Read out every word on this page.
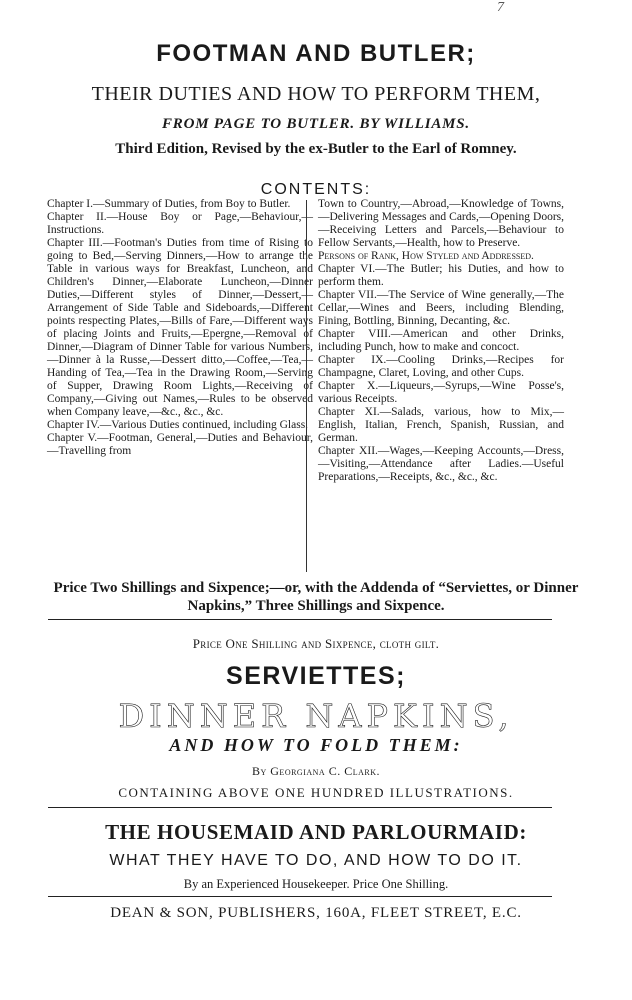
7
FOOTMAN AND BUTLER;
THEIR DUTIES AND HOW TO PERFORM THEM,
FROM PAGE TO BUTLER. BY WILLIAMS.
Third Edition, Revised by the ex-Butler to the Earl of Romney.
CONTENTS:

Chapter I.—Summary of Duties, from Boy to Butler.

Chapter II.—House Boy or Page,—Behaviour,—Instructions.

Chapter III.—Footman's Duties from time of Rising to going to Bed,—Serving Dinners,—How to arrange the Table in various ways for Breakfast, Luncheon, and Children's Dinner,—Elaborate Luncheon,—Dinner Duties,—Different styles of Dinner,—Dessert,—Arrangement of Side Table and Sideboards,—Different points respecting Plates,—Bills of Fare,—Different ways of placing Joints and Fruits,—Epergne,—Removal of Dinner,—Diagram of Dinner Table for various Numbers,—Dinner à la Russe,—Dessert ditto,—Coffee,—Tea,—Handing of Tea,—Tea in the Drawing Room,—Serving of Supper, Drawing Room Lights,—Receiving of Company,—Giving out Names,—Rules to be observed when Company leave,—&c., &c., &c.

Chapter IV.—Various Duties continued, including Glass.

Chapter V.—Footman, General,—Duties and Behaviour,—Travelling from

Town to Country,—Abroad,—Knowledge of Towns,—Delivering Messages and Cards,—Opening Doors,—Receiving Letters and Parcels,—Behaviour to Fellow Servants,—Health, how to Preserve.

Persons of Rank, How Styled and Addressed.

Chapter VI.—The Butler; his Duties, and how to perform them.

Chapter VII.—The Service of Wine generally,—The Cellar,—Wines and Beers, including Blending, Fining, Bottling, Binning, Decanting, &c.

Chapter VIII.—American and other Drinks, including Punch, how to make and concoct.

Chapter IX.—Cooling Drinks,—Recipes for Champagne, Claret, Loving, and other Cups.

Chapter X.—Liqueurs,—Syrups,—Wine Posse's, various Receipts.

Chapter XI.—Salads, various, how to Mix,—English, Italian, French, Spanish, Russian, and German.

Chapter XII.—Wages,—Keeping Accounts,—Dress,—Visiting,—Attendance after Ladies.—Useful Preparations,—Receipts, &c., &c., &c.

Price Two Shillings and Sixpence;—or, with the Addenda of “Serviettes, or Dinner Napkins,” Three Shillings and Sixpence.
Price One Shilling and Sixpence, cloth gilt.
SERVIETTES;
DINNER NAPKINS,
AND HOW TO FOLD THEM:
By Georgiana C. Clark.
CONTAINING ABOVE ONE HUNDRED ILLUSTRATIONS.
THE HOUSEMAID AND PARLOURMAID:
WHAT THEY HAVE TO DO, AND HOW TO DO IT.
By an Experienced Housekeeper. Price One Shilling.
DEAN & SON, PUBLISHERS, 160A, FLEET STREET, E.C.
